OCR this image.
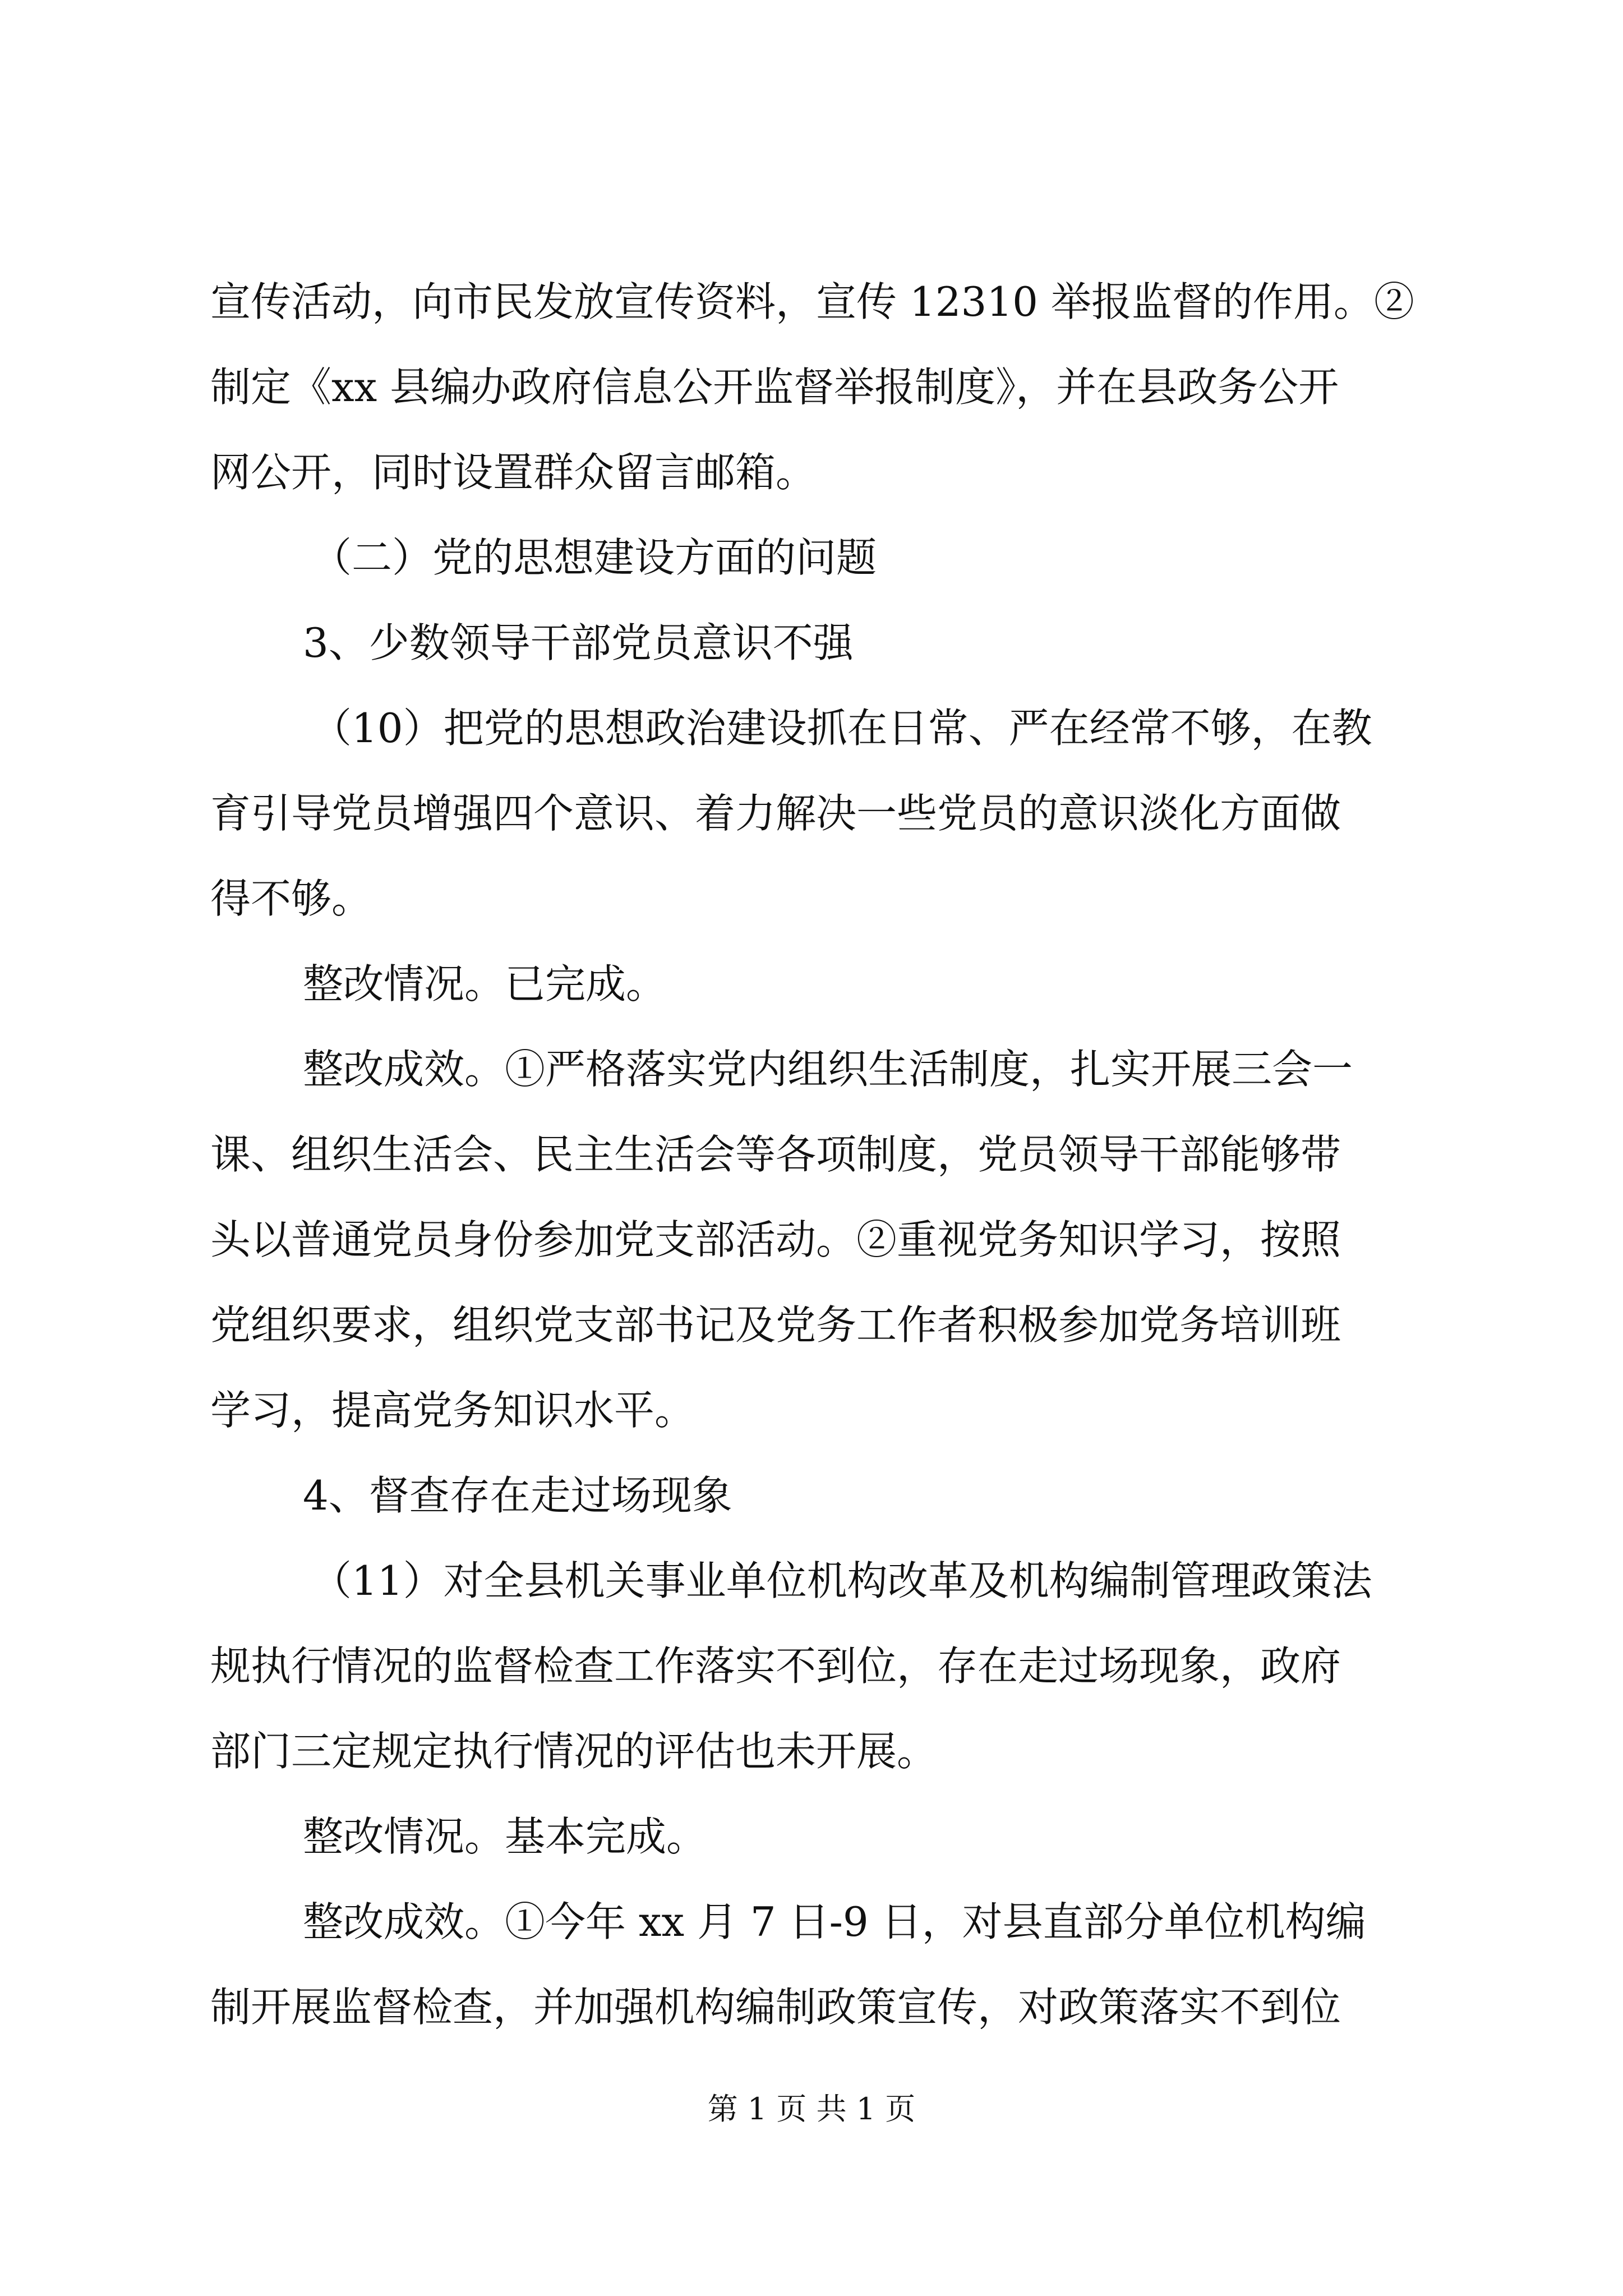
宣传活动，向市民发放宣传资料，宣传 12310 举报监督的作用。②
制定《xx 县编办政府信息公开监督举报制度》，并在县政务公开
网公开，同时设置群众留言邮箱。
（二）党的思想建设方面的问题
3、少数领导干部党员意识不强
（10）把党的思想政治建设抓在日常、严在经常不够，在教
育引导党员增强四个意识、着力解决一些党员的意识淡化方面做
得不够。
整改情况。已完成。
整改成效。①严格落实党内组织生活制度，扎实开展三会一
课、组织生活会、民主生活会等各项制度，党员领导干部能够带
头以普通党员身份参加党支部活动。②重视党务知识学习，按照
党组织要求，组织党支部书记及党务工作者积极参加党务培训班
学习，提高党务知识水平。
4、督查存在走过场现象
（11）对全县机关事业单位机构改革及机构编制管理政策法
规执行情况的监督检查工作落实不到位，存在走过场现象，政府
部门三定规定执行情况的评估也未开展。
整改情况。基本完成。
整改成效。①今年 xx 月 7 日-9 日，对县直部分单位机构编
制开展监督检查，并加强机构编制政策宣传，对政策落实不到位
第 1 页 共 1 页
